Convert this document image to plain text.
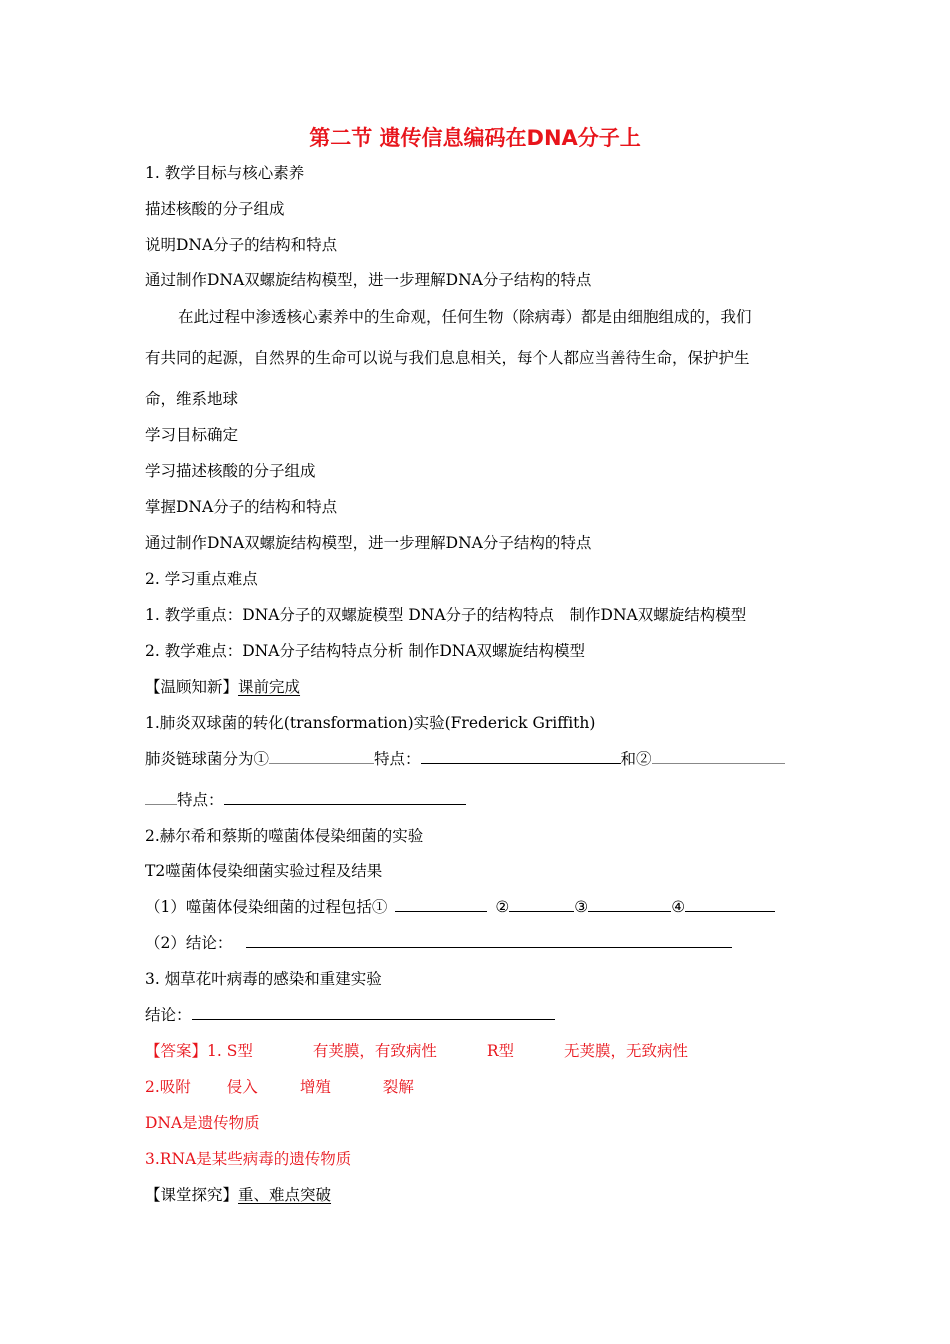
第二节 遗传信息编码在DNA分子上
1. 教学目标与核心素养
描述核酸的分子组成
说明DNA分子的结构和特点
通过制作DNA双螺旋结构模型，进一步理解DNA分子结构的特点
在此过程中渗透核心素养中的生命观，任何生物（除病毒）都是由细胞组成的，我们
有共同的起源，自然界的生命可以说与我们息息相关，每个人都应当善待生命，保护护生
命，维系地球
学习目标确定
学习描述核酸的分子组成
掌握DNA分子的结构和特点
通过制作DNA双螺旋结构模型，进一步理解DNA分子结构的特点
2. 学习重点难点
1. 教学重点：DNA分子的双螺旋模型 DNA分子的结构特点　制作DNA双螺旋结构模型
2. 教学难点：DNA分子结构特点分析 制作DNA双螺旋结构模型
【温顾知新】课前完成
1.肺炎双球菌的转化(transformation)实验(Frederick Griffith)
肺炎链球菌分为①	特点：	和②
特点：
2.赫尔希和蔡斯的噬菌体侵染细菌的实验
T2噬菌体侵染细菌实验过程及结果
（1）噬菌体侵染细菌的过程包括①	②	③	④
（2）结论：
3. 烟草花叶病毒的感染和重建实验
结论：
【答案】1. S型	有荚膜，有致病性	R型	无荚膜，无致病性
2.吸附 侵入	增殖	裂解
DNA是遗传物质
3.RNA是某些病毒的遗传物质
【课堂探究】重、难点突破
